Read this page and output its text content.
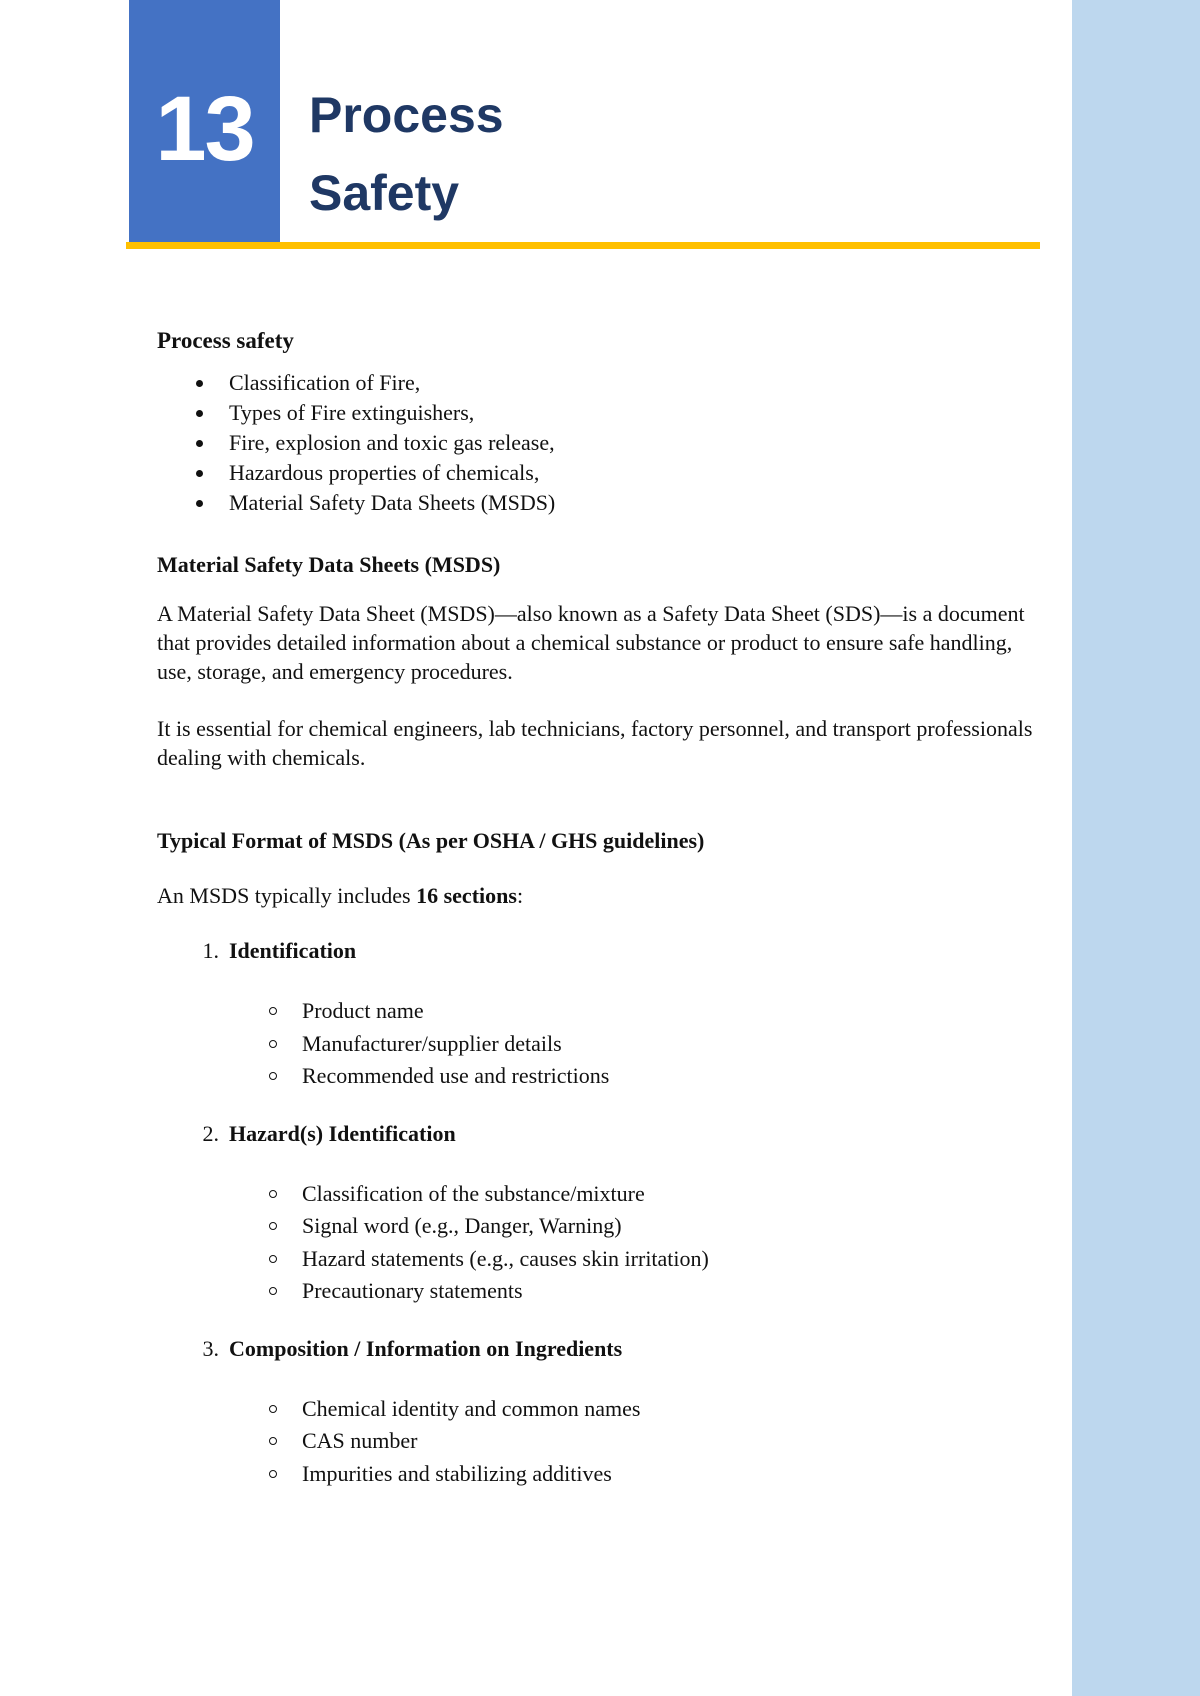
13	Process
Safety
Process safety
Classification of Fire,
Types of Fire extinguishers,
Fire, explosion and toxic gas release,
Hazardous properties of chemicals,
Material Safety Data Sheets (MSDS)
Material Safety Data Sheets (MSDS)

A Material Safety Data Sheet (MSDS)—also known as a Safety Data Sheet (SDS)—is a document that provides detailed information about a chemical substance or product to ensure safe handling, use, storage, and emergency procedures.

It is essential for chemical engineers, lab technicians, factory personnel, and transport professionals dealing with chemicals.

Typical Format of MSDS (As per OSHA / GHS guidelines)

An MSDS typically includes 16 sections:

1. Identification
Product name
Manufacturer/supplier details
Recommended use and restrictions
2. Hazard(s) Identification
Classification of the substance/mixture
Signal word (e.g., Danger, Warning)
Hazard statements (e.g., causes skin irritation)
Precautionary statements
3. Composition / Information on Ingredients
Chemical identity and common names
CAS number
Impurities and stabilizing additives
